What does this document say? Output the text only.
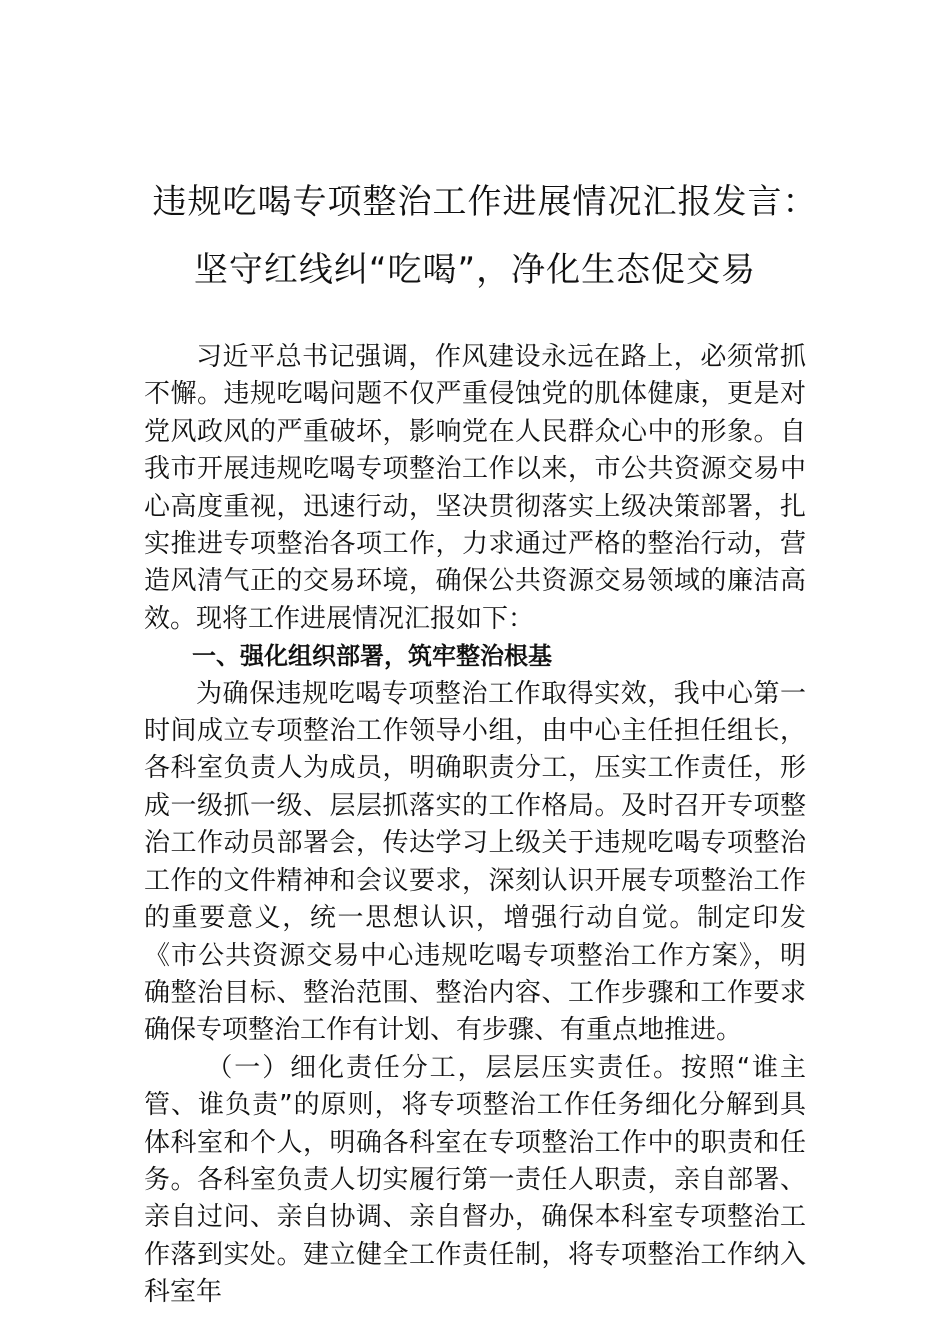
违规吃喝专项整治工作进展情况汇报发言：
坚守红线纠“吃喝”，净化生态促交易

习近平总书记强调，作风建设永远在路上，必须常抓不懈。违规吃喝问题不仅严重侵蚀党的肌体健康，更是对党风政风的严重破坏，影响党在人民群众心中的形象。自我市开展违规吃喝专项整治工作以来，市公共资源交易中心高度重视，迅速行动，坚决贯彻落实上级决策部署，扎实推进专项整治各项工作，力求通过严格的整治行动，营造风清气正的交易环境，确保公共资源交易领域的廉洁高效。现将工作进展情况汇报如下：

一、强化组织部署，筑牢整治根基

为确保违规吃喝专项整治工作取得实效，我中心第一时间成立专项整治工作领导小组，由中心主任担任组长，各科室负责人为成员，明确职责分工，压实工作责任，形成一级抓一级、层层抓落实的工作格局。及时召开专项整治工作动员部署会，传达学习上级关于违规吃喝专项整治工作的文件精神和会议要求，深刻认识开展专项整治工作的重要意义，统一思想认识，增强行动自觉。制定印发《市公共资源交易中心违规吃喝专项整治工作方案》，明确整治目标、整治范围、整治内容、工作步骤和工作要求确保专项整治工作有计划、有步骤、有重点地推进。

（一）细化责任分工，层层压实责任。按照“谁主管、谁负责”的原则，将专项整治工作任务细化分解到具体科室和个人，明确各科室在专项整治工作中的职责和任务。各科室负责人切实履行第一责任人职责，亲自部署、亲自过问、亲自协调、亲自督办，确保本科室专项整治工作落到实处。建立健全工作责任制，将专项整治工作纳入科室年
